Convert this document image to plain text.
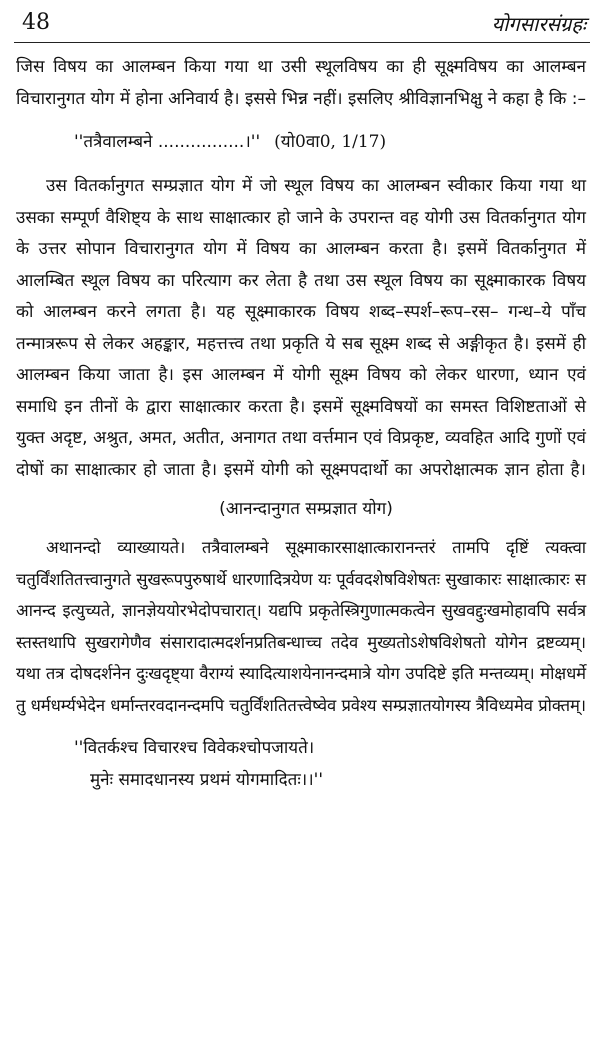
48	योगसारसंग्रहः

जिस विषय का आलम्बन किया गया था उसी स्थूलविषय का ही सूक्ष्मविषय का आलम्बन विचारानुगत योग में होना अनिवार्य है। इससे भिन्न नहीं। इसलिए श्रीविज्ञानभिक्षु ने कहा है कि :–

''तत्रैवालम्बने ................।'' (यो0वा0, 1/17)

उस वितर्कानुगत सम्प्रज्ञात योग में जो स्थूल विषय का आलम्बन स्वीकार किया गया था उसका सम्पूर्ण वैशिष्ट्य के साथ साक्षात्कार हो जाने के उपरान्त वह योगी उस वितर्कानुगत योग के उत्तर सोपान विचारानुगत योग में विषय का आलम्बन करता है। इसमें वितर्कानुगत में आलम्बित स्थूल विषय का परित्याग कर लेता है तथा उस स्थूल विषय का सूक्ष्माकारक विषय को आलम्बन करने लगता है। यह सूक्ष्माकारक विषय शब्द–स्पर्श–रूप–रस– गन्ध–ये पाँच तन्मात्ररूप से लेकर अहङ्कार, महत्तत्त्व तथा प्रकृति ये सब सूक्ष्म शब्द से अङ्गीकृत है। इसमें ही आलम्बन किया जाता है। इस आलम्बन में योगी सूक्ष्म विषय को लेकर धारणा, ध्यान एवं समाधि इन तीनों के द्वारा साक्षात्कार करता है। इसमें सूक्ष्मविषयों का समस्त विशिष्टताओं से युक्त अदृष्ट, अश्रुत, अमत, अतीत, अनागत तथा वर्त्तमान एवं विप्रकृष्ट, व्यवहित आदि गुणों एवं दोषों का साक्षात्कार हो जाता है। इसमें योगी को सूक्ष्मपदार्थो का अपरोक्षात्मक ज्ञान होता है।

(आनन्दानुगत सम्प्रज्ञात योग)

अथानन्दो व्याख्यायते। तत्रैवालम्बने सूक्ष्माकारसाक्षात्कारानन्तरं तामपि दृष्टिं त्यक्त्वा चतुर्विंशतितत्त्वानुगते सुखरूपपुरुषार्थे धारणादित्रयेण यः पूर्ववदशेषविशेषतः सुखाकारः साक्षात्कारः स आनन्द इत्युच्यते, ज्ञानज्ञेययोरभेदोपचारात्। यद्यपि प्रकृतेस्त्रिगुणात्मकत्वेन सुखवद्दुःखमोहावपि सर्वत्र स्तस्तथापि सुखरागेणैव संसारादात्मदर्शनप्रतिबन्धाच्च तदेव मुख्यतोऽशेषविशेषतो योगेन द्रष्टव्यम्। यथा तत्र दोषदर्शनेन दुःखदृष्ट्या वैराग्यं स्यादित्याशयेनानन्दमात्रे योग उपदिष्टे इति मन्तव्यम्। मोक्षधर्मे तु धर्मधर्म्यभेदेन धर्मान्तरवदानन्दमपि चतुर्विंशतितत्त्वेष्वेव प्रवेश्य सम्प्रज्ञातयोगस्य त्रैविध्यमेव प्रोक्तम्।

''वितर्कश्च विचारश्च विवेकश्चोपजायते।
मुनेः समादधानस्य प्रथमं योगमादितः।।''
